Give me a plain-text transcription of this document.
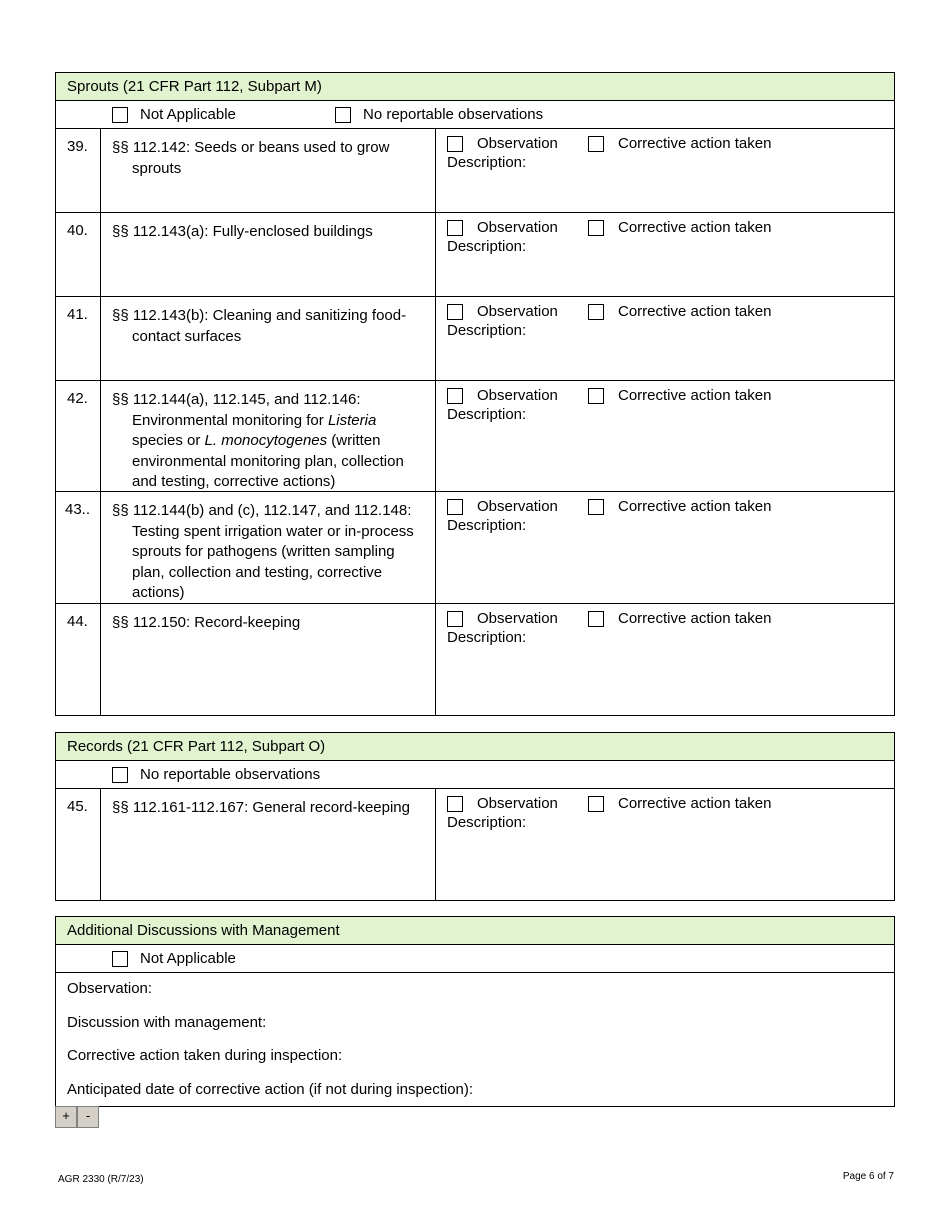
Sprouts (21 CFR Part 112, Subpart M)
Not Applicable	No reportable observations
39.	§§ 112.142: Seeds or beans used to grow sprouts
Observation	Corrective action taken
Description:
40.	§§ 112.143(a): Fully-enclosed buildings	Observation	Corrective action taken
Description:
41.	§§ 112.143(b): Cleaning and sanitizing food-contact surfaces
Observation	Corrective action taken
Description:
42.	§§ 112.144(a), 112.145, and 112.146: Environmental monitoring for Listeria species or L. monocytogenes (written environmental monitoring plan, collection and testing, corrective actions)
Observation	Corrective action taken
Description:
43..	§§ 112.144(b) and (c), 112.147, and 112.148: Testing spent irrigation water or in-process sprouts for pathogens (written sampling plan, collection and testing, corrective actions)
Observation	Corrective action taken
Description:
44.	§§ 112.150: Record-keeping	Observation	Corrective action taken
Description:
Records (21 CFR Part 112, Subpart O)
No reportable observations
45.	§§ 112.161-112.167: General record-keeping	Observation	Corrective action taken
Description:
Additional Discussions with Management
Not Applicable
Observation:
Discussion with management:
Corrective action taken during inspection:
Anticipated date of corrective action (if not during inspection):
+	-
AGR 2330 (R/7/23)	Page 6 of 7
